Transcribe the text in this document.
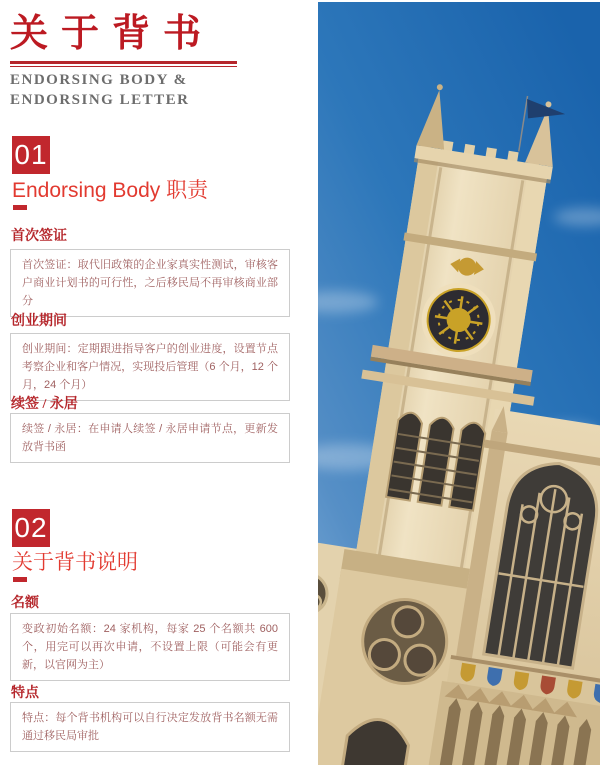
关于背书
ENDORSING BODY &
ENDORSING LETTER
01
Endorsing Body 职责
首次签证
首次签证：取代旧政策的企业家真实性测试，审核客户商业计划书的可行性，之后移民局不再审核商业部分
创业期间
创业期间：定期跟进指导客户的创业进度，设置节点考察企业和客户情况，实现投后管理（6 个月，12 个月，24 个月）
续签 / 永居
续签 / 永居：在申请人续签 / 永居申请节点，更新发放背书函
02
关于背书说明
名额
变政初始名额：24 家机构，每家 25 个名额共 600 个，用完可以再次申请，不设置上限（可能会有更新，以官网为主）
特点
特点：每个背书机构可以自行决定发放背书名额无需通过移民局审批
